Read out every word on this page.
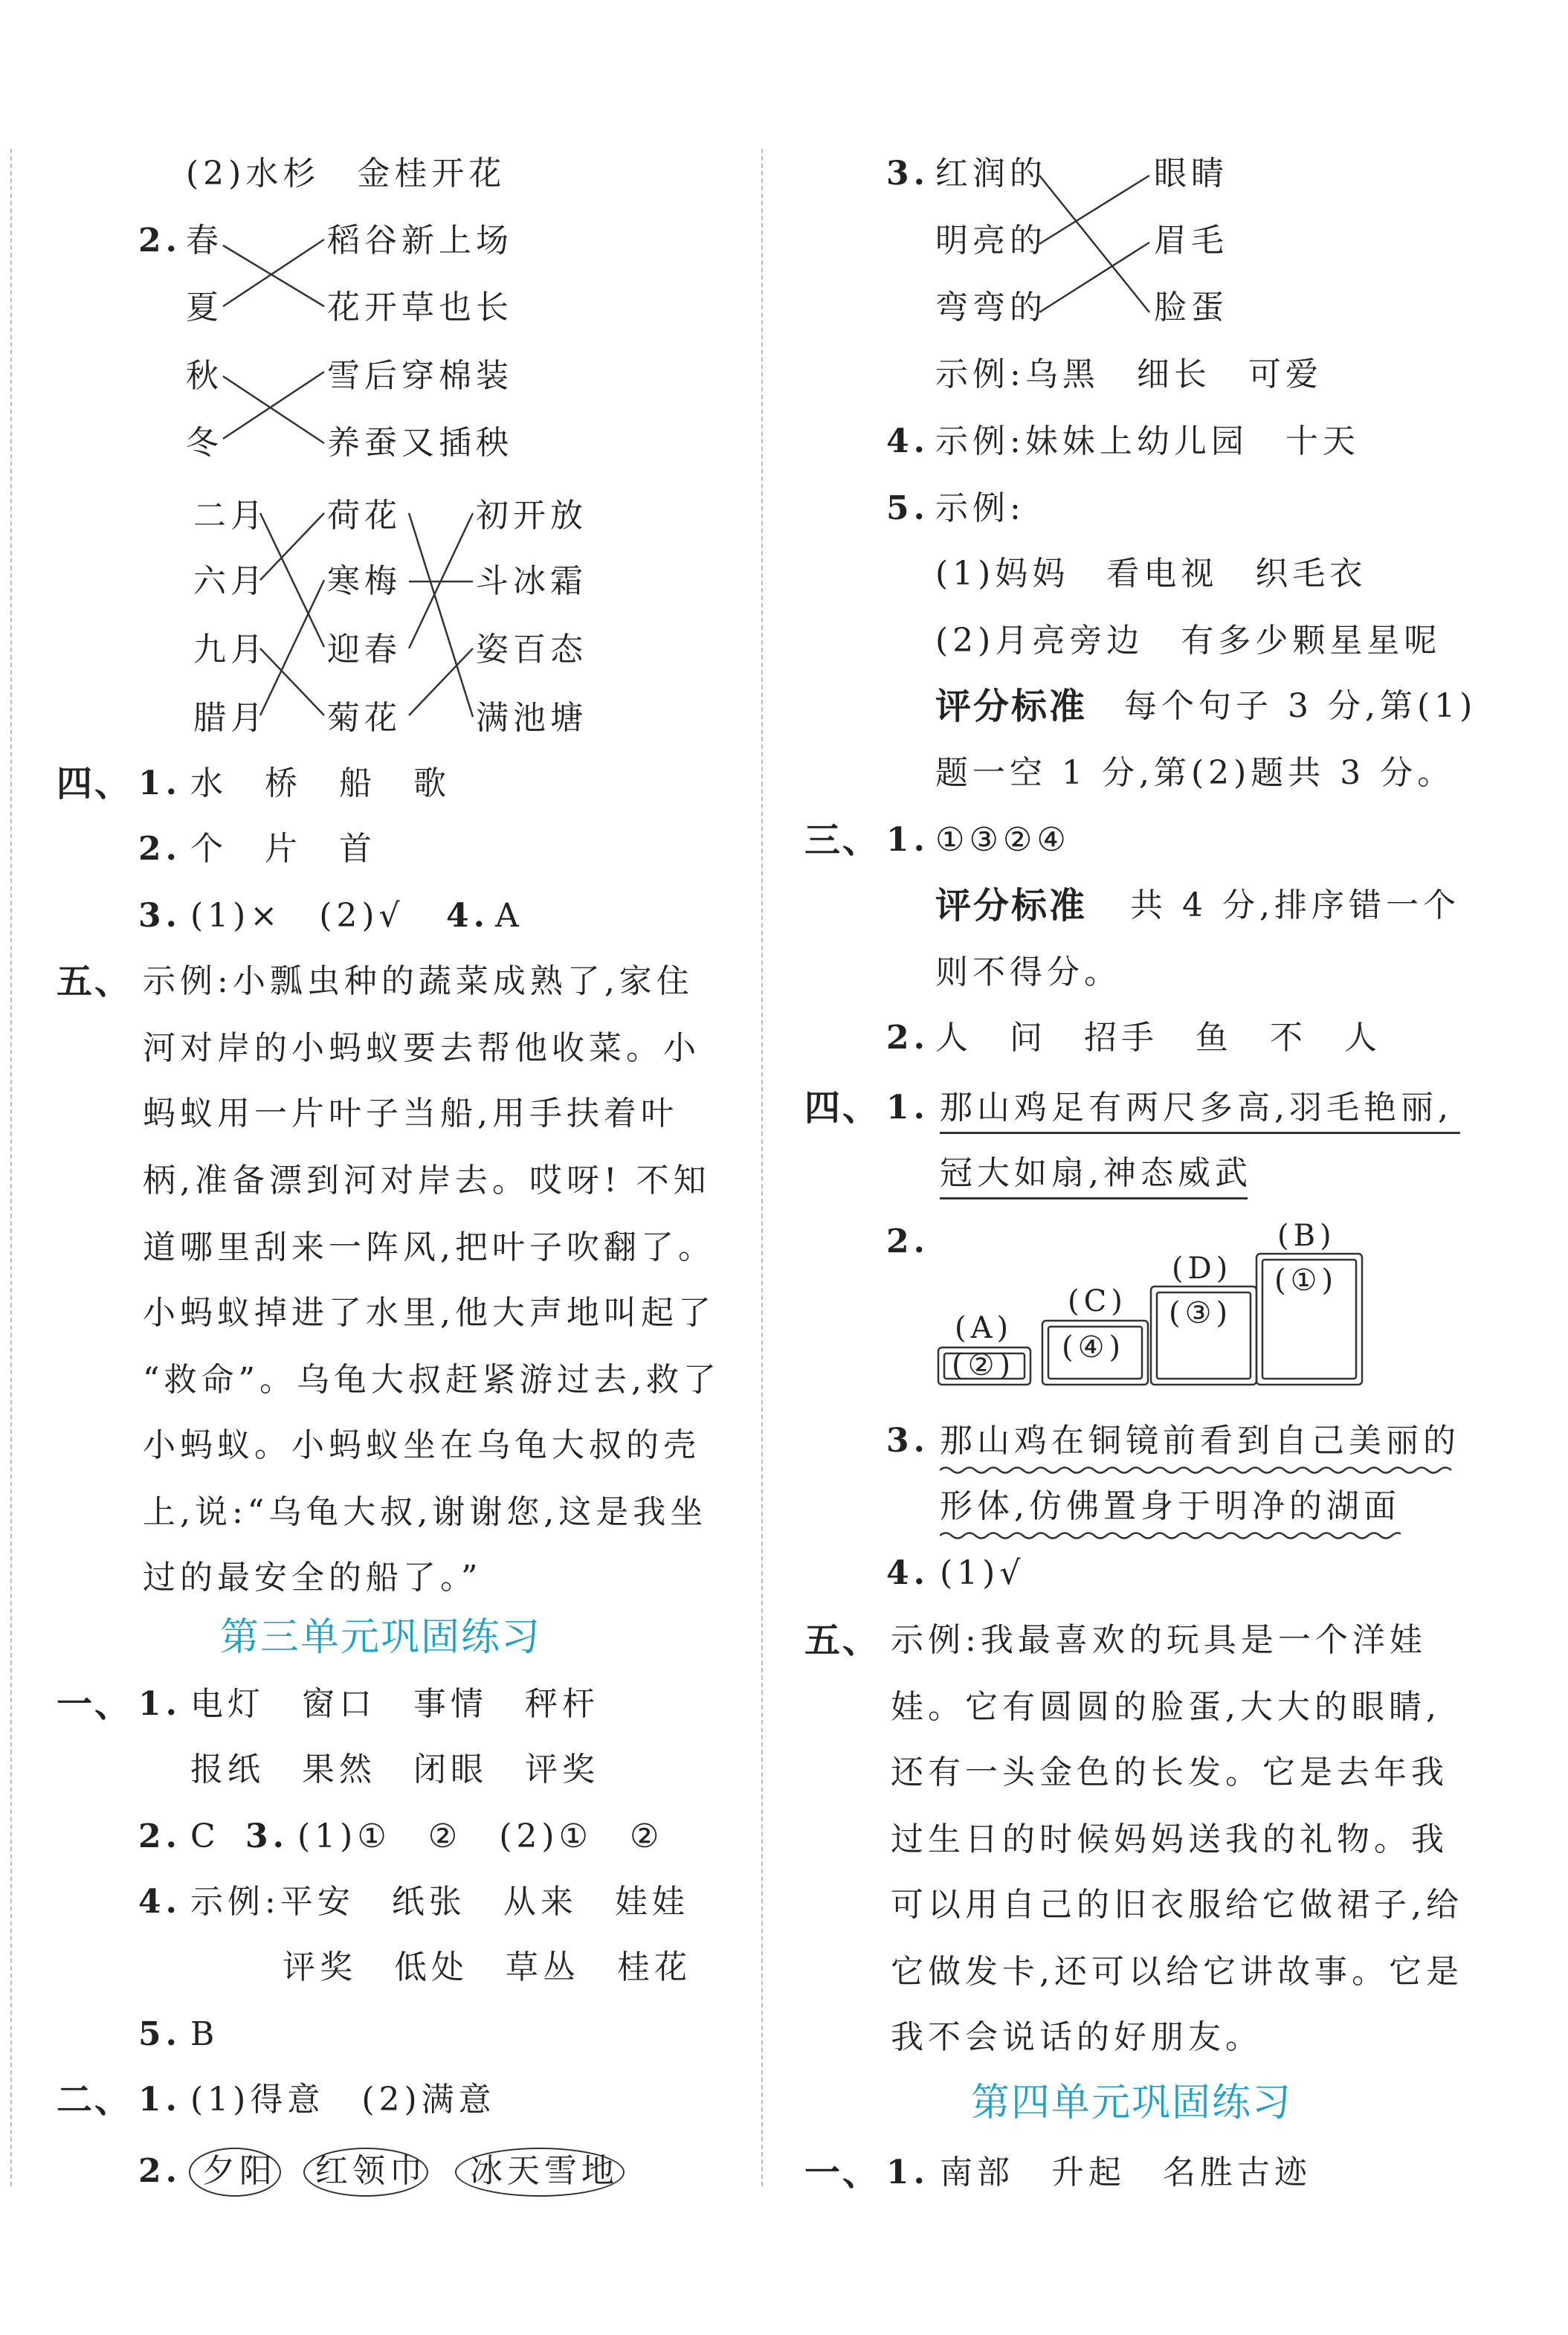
(2)水杉　金桂开花
2. 春
夏
秋
冬
稻谷新上场
花开草也长
雪后穿棉装
养蚕又插秧
二月
六月
九月
腊月
荷花
寒梅
迎春
菊花
初开放
斗冰霜
姿百态
满池塘
四、 1. 水　桥　船　歌
2. 个　片　首
3. (1)×　(2)√ 4. A
五、 示例:小瓢虫种的蔬菜成熟了,家住
河对岸的小蚂蚁要去帮他收菜。小
蚂蚁用一片叶子当船,用手扶着叶
柄,准备漂到河对岸去。哎呀! 不知
道哪里刮来一阵风,把叶子吹翻了。
小蚂蚁掉进了水里,他大声地叫起了
“救命”。乌龟大叔赶紧游过去,救了
小蚂蚁。小蚂蚁坐在乌龟大叔的壳
上,说:“乌龟大叔,谢谢您,这是我坐
过的最安全的船了。”
第三单元巩固练习
一、 1. 电灯　窗口　事情　秤杆
报纸　果然　闭眼　评奖
2. C 3. (1)①　②　(2)①　②
4. 示例:平安　纸张　从来　娃娃
评奖　低处　草丛　桂花
5. B
二、 1. (1)得意　(2)满意
2. 夕阳 红领巾 冰天雪地
3. 红润的
明亮的
弯弯的
眼睛
眉毛
脸蛋
示例:乌黑　细长　可爱
4. 示例:妹妹上幼儿园　十天
5. 示例:
(1)妈妈　看电视　织毛衣
(2)月亮旁边　有多少颗星星呢
评分标准 每个句子 3 分,第(1)
题一空 1 分,第(2)题共 3 分。
三、 1. ①③②④
评分标准 共 4 分,排序错一个
则不得分。
2. 人　问　招手　鱼　不　人
四、 1. 那山鸡足有两尺多高,羽毛艳丽,
冠大如扇,神态威武
2.
(A)
(②)
(C)
(④)
(D)
(③)
(B)
(①)
3. 那山鸡在铜镜前看到自己美丽的
形体,仿佛置身于明净的湖面
4. (1)√
五、 示例:我最喜欢的玩具是一个洋娃
娃。它有圆圆的脸蛋,大大的眼睛,
还有一头金色的长发。它是去年我
过生日的时候妈妈送我的礼物。我
可以用自己的旧衣服给它做裙子,给
它做发卡,还可以给它讲故事。它是
我不会说话的好朋友。
第四单元巩固练习
一、 1. 南部　升起　名胜古迹
